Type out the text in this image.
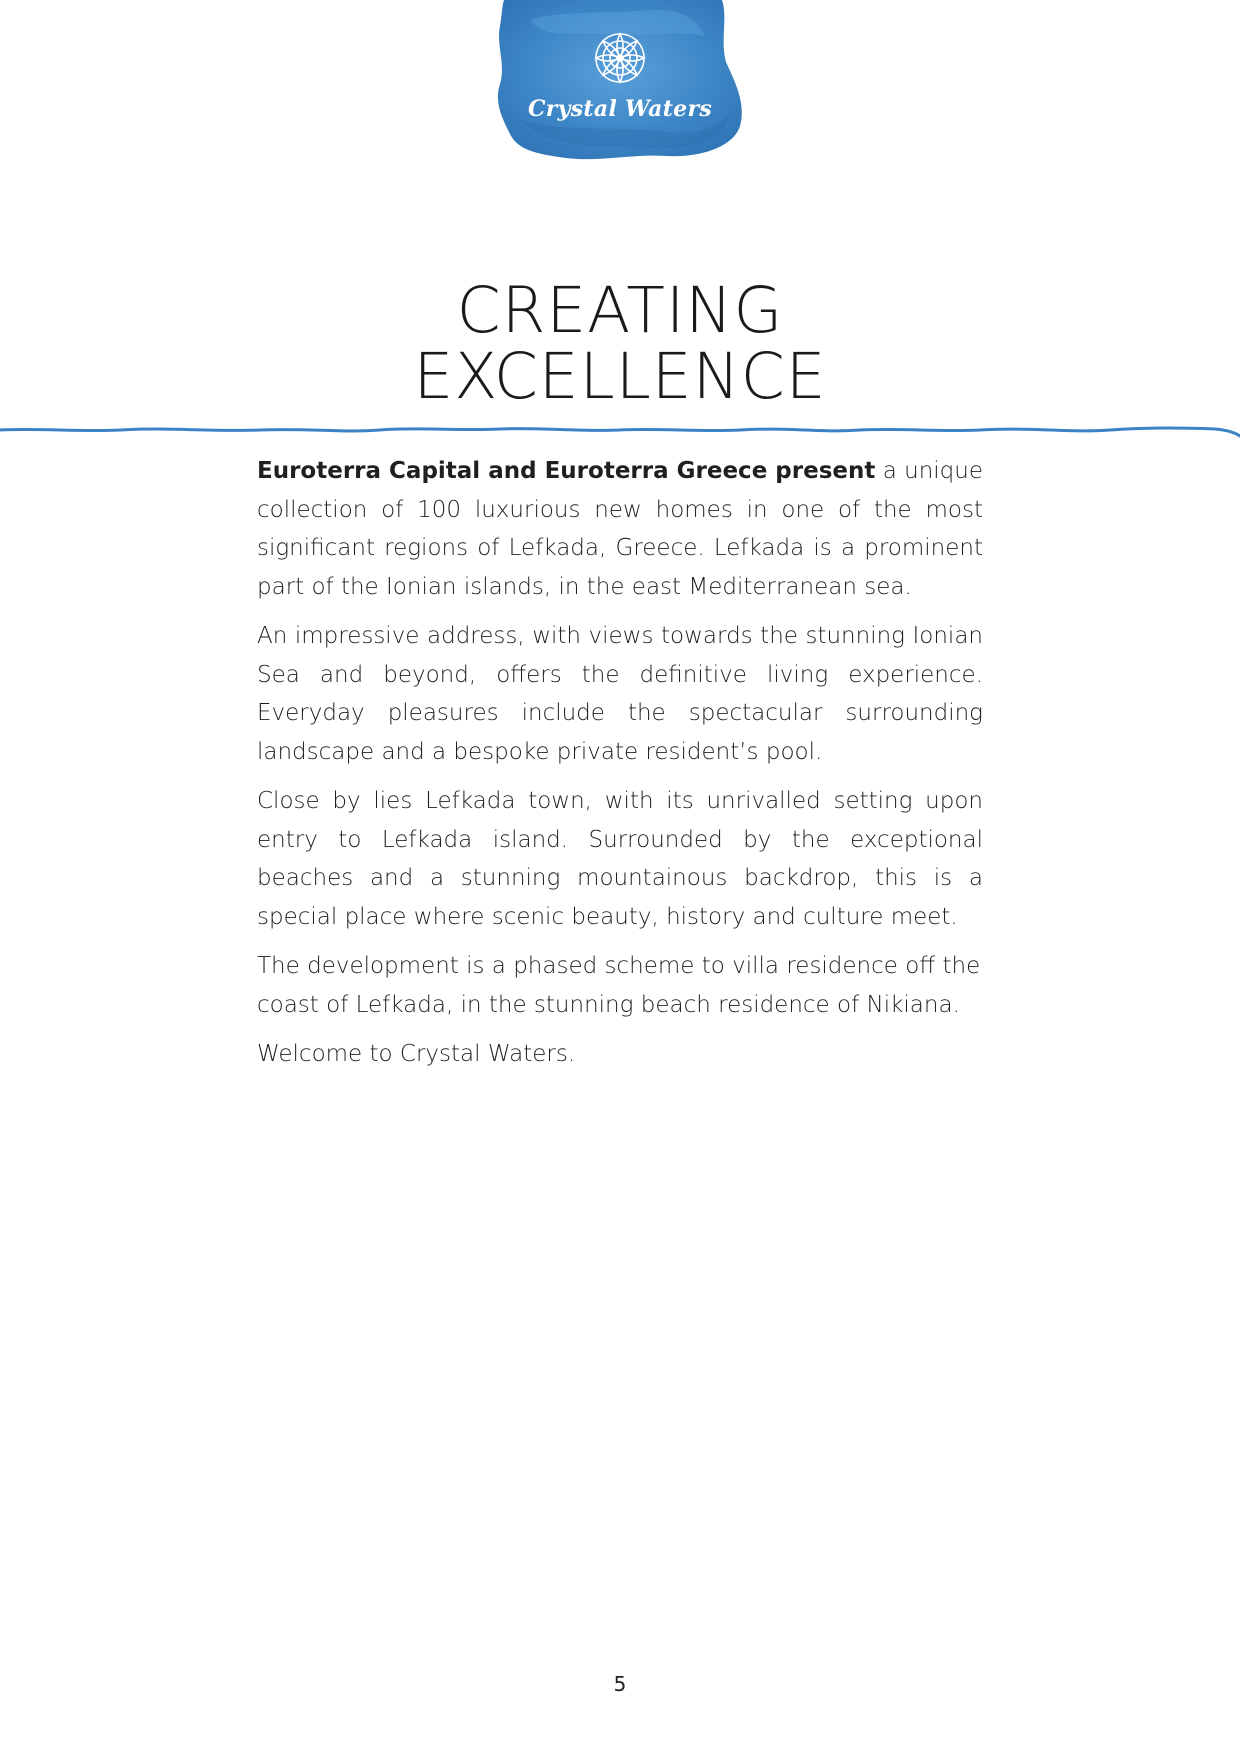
Crystal Waters
CREATING
EXCELLENCE

Euroterra Capital and Euroterra Greece present a unique collection of 100 luxurious new homes in one of the most significant regions of Lefkada, Greece. Lefkada is a prominent part of the Ionian islands, in the east Mediterranean sea.

An impressive address, with views towards the stunning Ionian Sea and beyond, offers the definitive living experience. Everyday pleasures include the spectacular surrounding landscape and a bespoke private resident’s pool.

Close by lies Lefkada town, with its unrivalled setting upon entry to Lefkada island. Surrounded by the exceptional beaches and a stunning mountainous backdrop, this is a special place where scenic beauty, history and culture meet.

The development is a phased scheme to villa residence off the coast of Lefkada, in the stunning beach residence of Nikiana.

Welcome to Crystal Waters.

5
